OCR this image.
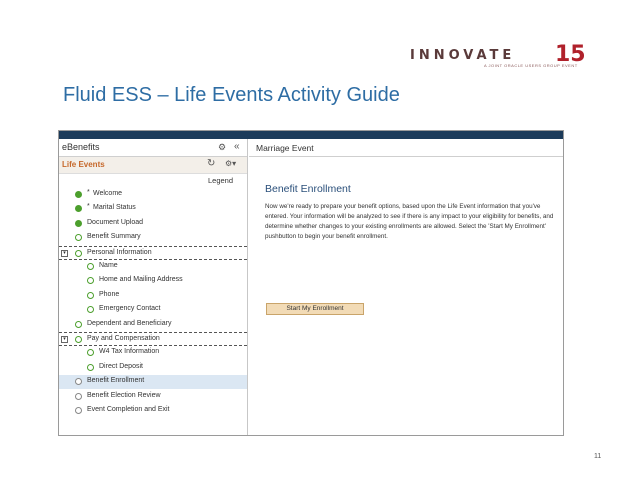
INNOVATE 15
A JOINT ORACLE USERS GROUP EVENT
Fluid ESS – Life Events Activity Guide
eBenefits	⚙ «
Life Events	↻ ⚙▾
Legend
* Welcome
* Marital Status
Document Upload
Benefit Summary
▾	Personal Information
Name
Home and Mailing Address
Phone
Emergency Contact
Dependent and Beneficiary
▾	Pay and Compensation
W4 Tax Information
Direct Deposit
Benefit Enrollment
Benefit Election Review
Event Completion and Exit
Marriage Event
Benefit Enrollment
Now we're ready to prepare your benefit options, based upon the Life Event information that you've entered. Your information will be analyzed to see if there is any impact to your eligibility for benefits, and determine whether changes to your existing enrollments are allowed. Select the 'Start My Enrollment' pushbutton to begin your benefit enrollment.
Start My Enrollment
11
